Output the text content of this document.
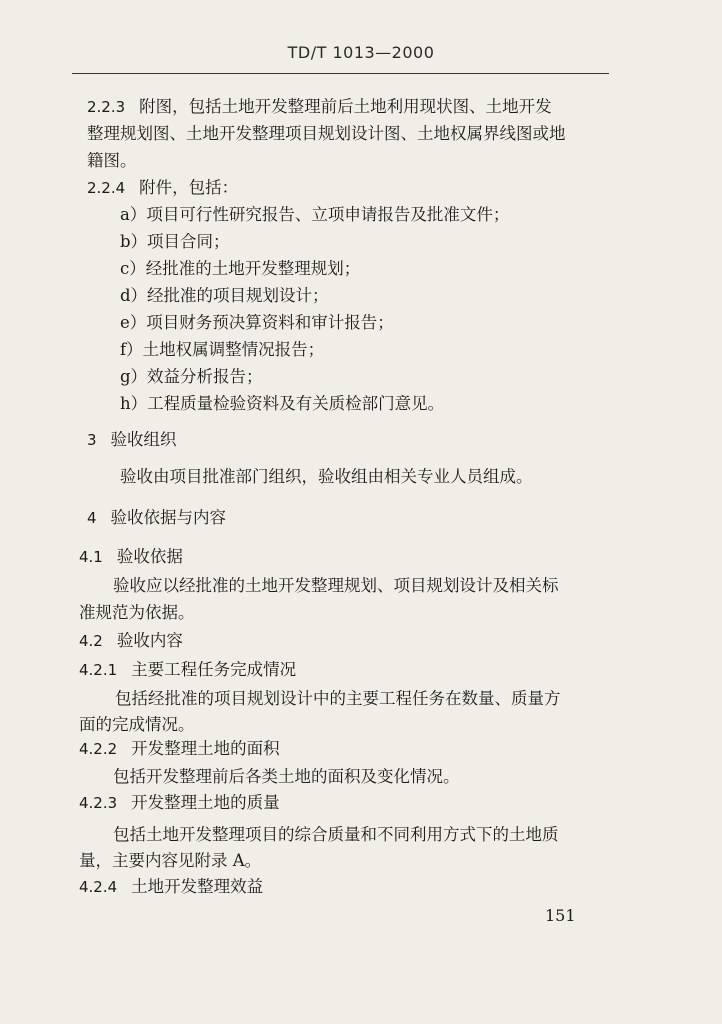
TD/T 1013—2000
2.2.3 附图，包括土地开发整理前后土地利用现状图、土地开发
整理规划图、土地开发整理项目规划设计图、土地权属界线图或地
籍图。
2.2.4 附件，包括：
a）项目可行性研究报告、立项申请报告及批准文件；
b）项目合同；
c）经批准的土地开发整理规划；
d）经批准的项目规划设计；
e）项目财务预决算资料和审计报告；
f）土地权属调整情况报告；
g）效益分析报告；
h）工程质量检验资料及有关质检部门意见。
3 验收组织
验收由项目批准部门组织，验收组由相关专业人员组成。
4 验收依据与内容
4.1 验收依据
验收应以经批准的土地开发整理规划、项目规划设计及相关标
准规范为依据。
4.2 验收内容
4.2.1 主要工程任务完成情况
包括经批准的项目规划设计中的主要工程任务在数量、质量方
面的完成情况。
4.2.2 开发整理土地的面积
包括开发整理前后各类土地的面积及变化情况。
4.2.3 开发整理土地的质量
包括土地开发整理项目的综合质量和不同利用方式下的土地质
量，主要内容见附录 A。
4.2.4 土地开发整理效益
151
